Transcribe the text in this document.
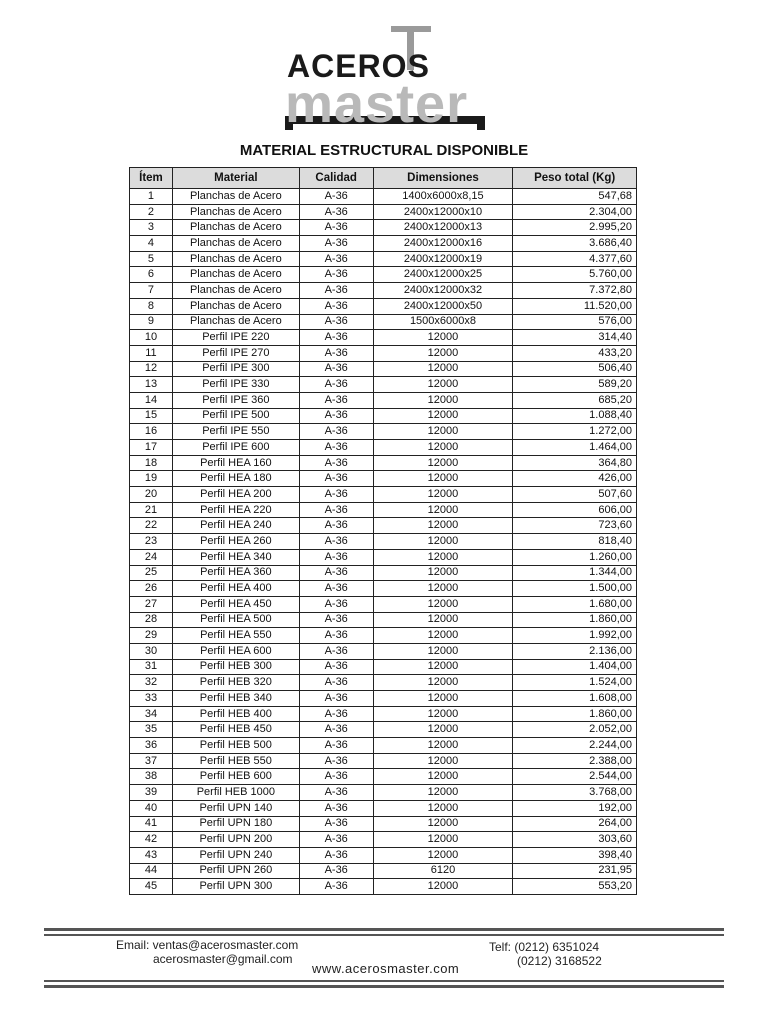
ACEROS
master
MATERIAL ESTRUCTURAL DISPONIBLE
Ítem	Material	Calidad	Dimensiones	Peso total (Kg)
1	Planchas de Acero	A-36	1400x6000x8,15	547,68
2	Planchas de Acero	A-36	2400x12000x10	2.304,00
3	Planchas de Acero	A-36	2400x12000x13	2.995,20
4	Planchas de Acero	A-36	2400x12000x16	3.686,40
5	Planchas de Acero	A-36	2400x12000x19	4.377,60
6	Planchas de Acero	A-36	2400x12000x25	5.760,00
7	Planchas de Acero	A-36	2400x12000x32	7.372,80
8	Planchas de Acero	A-36	2400x12000x50	11.520,00
9	Planchas de Acero	A-36	1500x6000x8	576,00
10	Perfil IPE 220	A-36	12000	314,40
11	Perfil IPE 270	A-36	12000	433,20
12	Perfil IPE 300	A-36	12000	506,40
13	Perfil IPE 330	A-36	12000	589,20
14	Perfil IPE 360	A-36	12000	685,20
15	Perfil IPE 500	A-36	12000	1.088,40
16	Perfil IPE 550	A-36	12000	1.272,00
17	Perfil IPE 600	A-36	12000	1.464,00
18	Perfil HEA 160	A-36	12000	364,80
19	Perfil HEA 180	A-36	12000	426,00
20	Perfil HEA 200	A-36	12000	507,60
21	Perfil HEA 220	A-36	12000	606,00
22	Perfil HEA 240	A-36	12000	723,60
23	Perfil HEA 260	A-36	12000	818,40
24	Perfil HEA 340	A-36	12000	1.260,00
25	Perfil HEA 360	A-36	12000	1.344,00
26	Perfil HEA 400	A-36	12000	1.500,00
27	Perfil HEA 450	A-36	12000	1.680,00
28	Perfil HEA 500	A-36	12000	1.860,00
29	Perfil HEA 550	A-36	12000	1.992,00
30	Perfil HEA 600	A-36	12000	2.136,00
31	Perfil HEB 300	A-36	12000	1.404,00
32	Perfil HEB 320	A-36	12000	1.524,00
33	Perfil HEB 340	A-36	12000	1.608,00
34	Perfil HEB 400	A-36	12000	1.860,00
35	Perfil HEB 450	A-36	12000	2.052,00
36	Perfil HEB 500	A-36	12000	2.244,00
37	Perfil HEB 550	A-36	12000	2.388,00
38	Perfil HEB 600	A-36	12000	2.544,00
39	Perfil HEB 1000	A-36	12000	3.768,00
40	Perfil UPN 140	A-36	12000	192,00
41	Perfil UPN 180	A-36	12000	264,00
42	Perfil UPN 200	A-36	12000	303,60
43	Perfil UPN 240	A-36	12000	398,40
44	Perfil UPN 260	A-36	6120	231,95
45	Perfil UPN 300	A-36	12000	553,20
Email: ventas@acerosmaster.com
acerosmaster@gmail.com
www.acerosmaster.com
Telf: (0212) 6351024
(0212) 3168522
